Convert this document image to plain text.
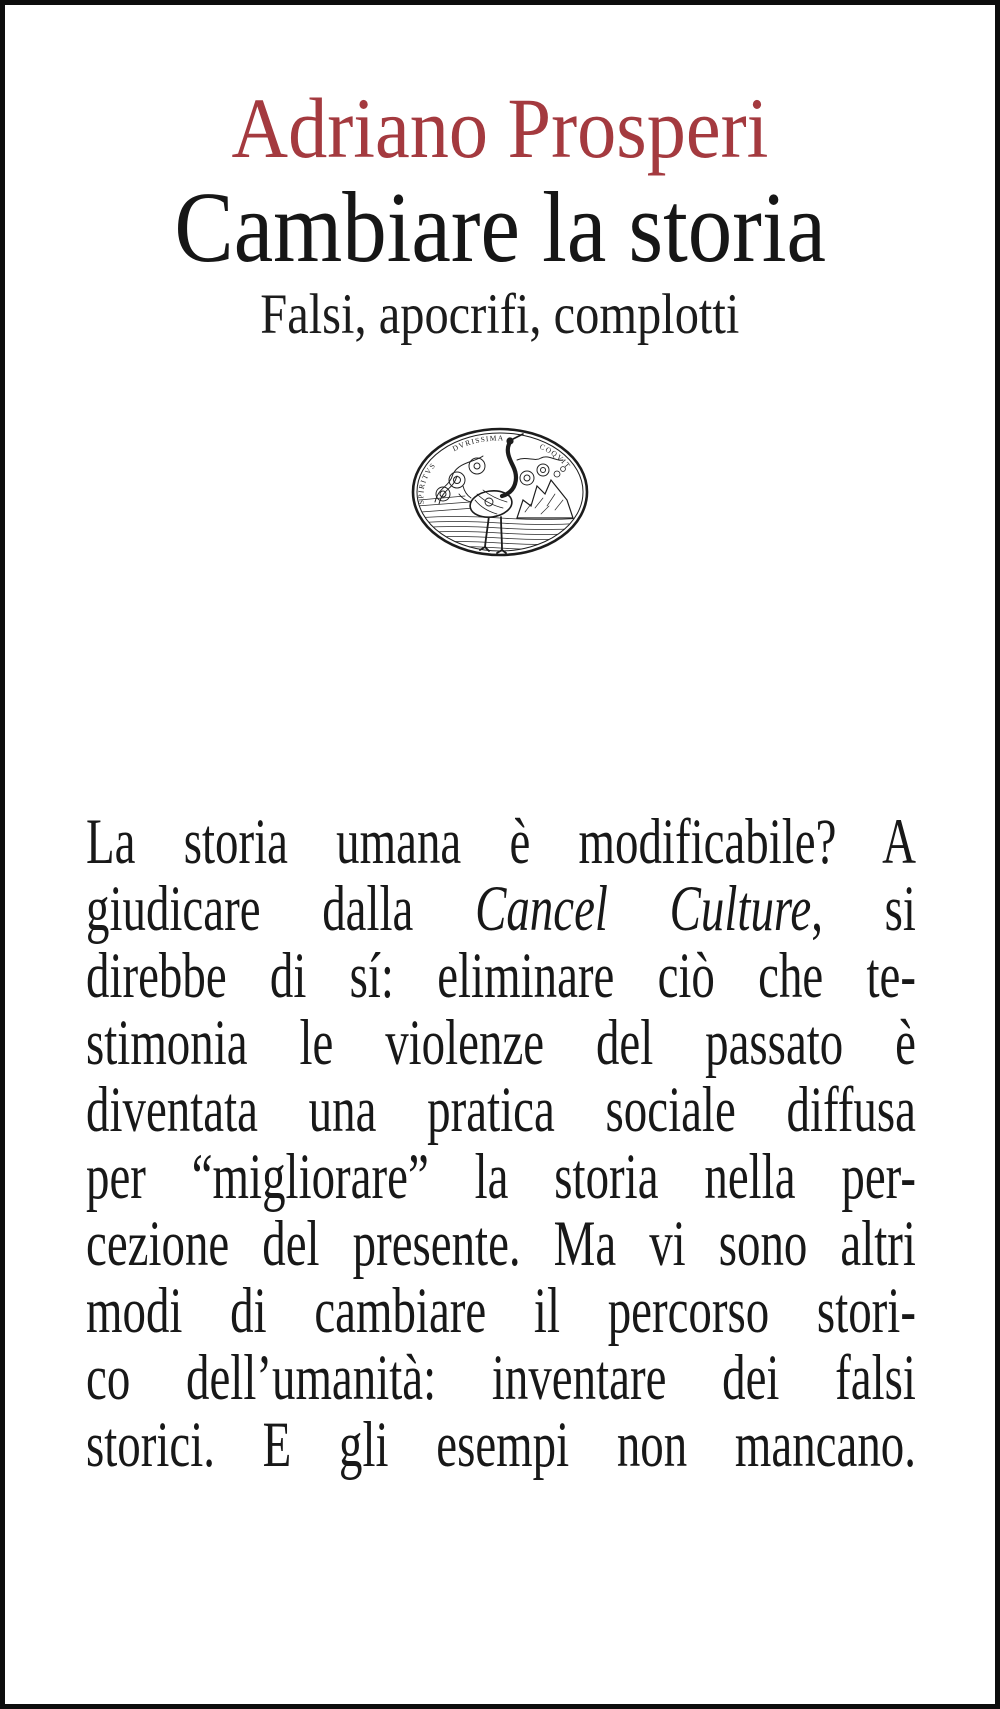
Adriano Prosperi
Cambiare la storia
Falsi, apocrifi, complotti
SPIRITVS
DVRISSIMA
COQVIT
La storia umana è modificabile? A
giudicare dalla Cancel Culture, si
direbbe di sí: eliminare ciò che te-
stimonia le violenze del passato è
diventata una pratica sociale diffusa
per “migliorare” la storia nella per-
cezione del presente. Ma vi sono altri
modi di cambiare il percorso stori-
co dell’umanità: inventare dei falsi
storici. E gli esempi non mancano.
